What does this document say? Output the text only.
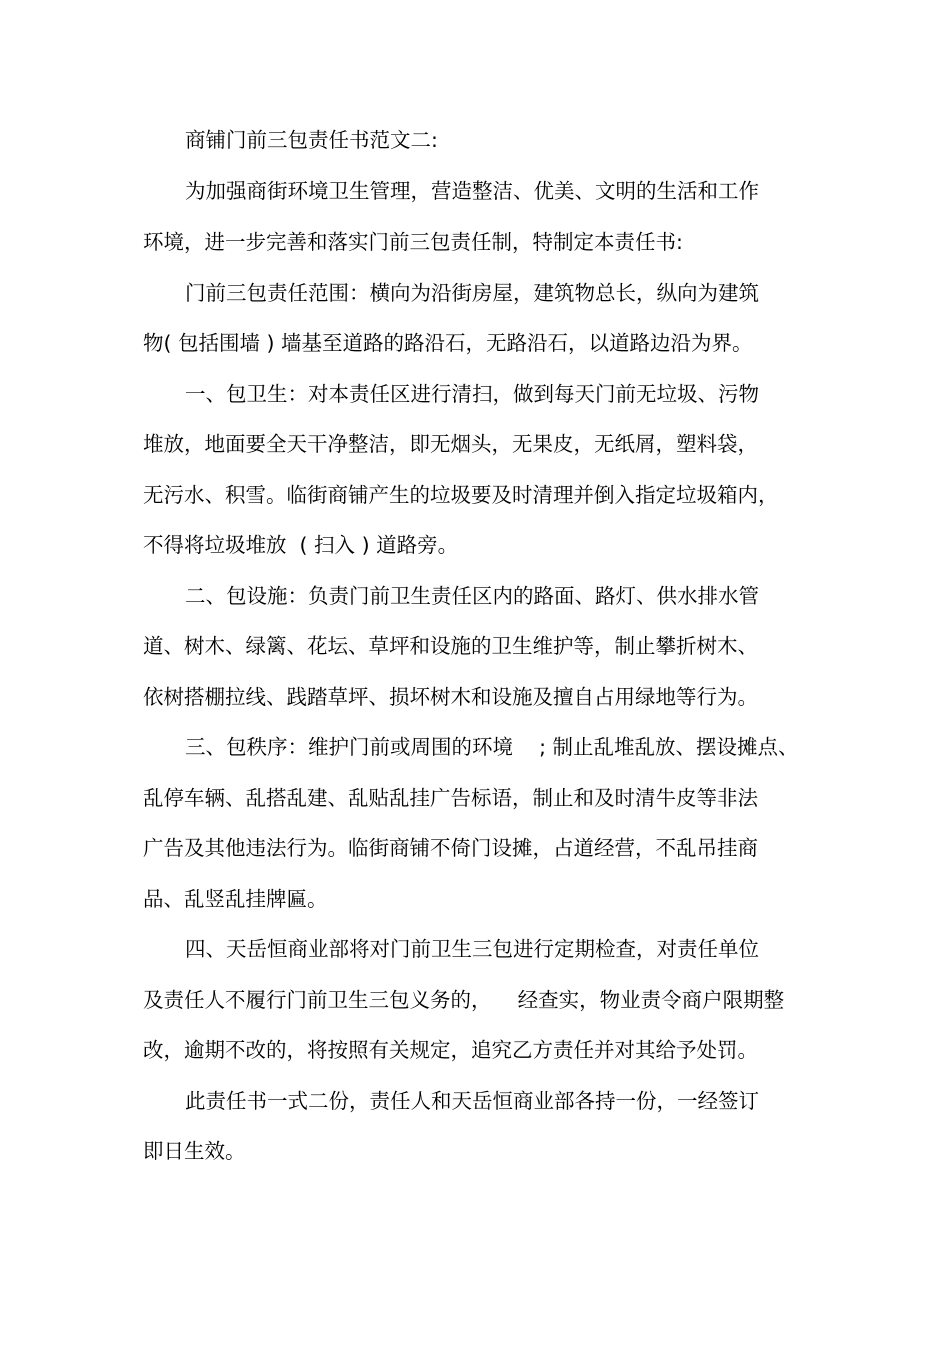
商铺门前三包责任书范文二:
为加强商街环境卫生管理，营造整洁、优美、文明的生活和工作
环境，进一步完善和落实门前三包责任制，特制定本责任书:
门前三包责任范围：横向为沿街房屋，建筑物总长，纵向为建筑
物( 包括围墙 ) 墙基至道路的路沿石，无路沿石，以道路边沿为界。
一、包卫生：对本责任区进行清扫，做到每天门前无垃圾、污物
堆放，地面要全天干净整洁，即无烟头，无果皮，无纸屑，塑料袋，
无污水、积雪。临街商铺产生的垃圾要及时清理并倒入指定垃圾箱内，
不得将垃圾堆放  ( 扫入 ) 道路旁。
二、包设施：负责门前卫生责任区内的路面、路灯、供水排水管
道、树木、绿篱、花坛、草坪和设施的卫生维护等，制止攀折树木、
依树搭棚拉线、践踏草坪、损坏树木和设施及擅自占用绿地等行为。
三、包秩序：维护门前或周围的环境    ; 制止乱堆乱放、摆设摊点、
乱停车辆、乱搭乱建、乱贴乱挂广告标语，制止和及时清牛皮等非法
广告及其他违法行为。临街商铺不倚门设摊，占道经营，不乱吊挂商
品、乱竖乱挂牌匾。
四、天岳恒商业部将对门前卫生三包进行定期检查，对责任单位
及责任人不履行门前卫生三包义务的，    经查实，物业责令商户限期整
改，逾期不改的，将按照有关规定，追究乙方责任并对其给予处罚。
此责任书一式二份，责任人和天岳恒商业部各持一份，一经签订
即日生效。
